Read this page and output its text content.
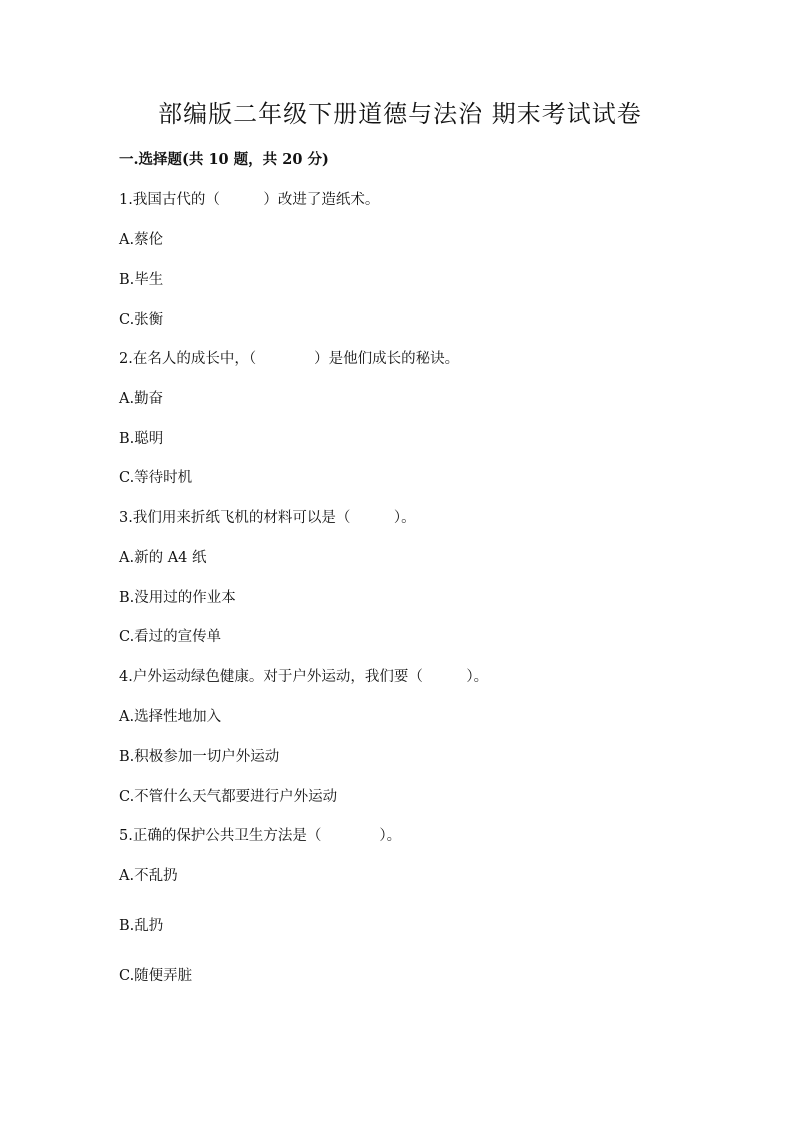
部编版二年级下册道德与法治 期末考试试卷
一.选择题(共 10 题，共 20 分)
1.我国古代的（　　　）改进了造纸术。
A.蔡伦
B.毕生
C.张衡
2.在名人的成长中，（　　　　）是他们成长的秘诀。
A.勤奋
B.聪明
C.等待时机
3.我们用来折纸飞机的材料可以是（　　　）。
A.新的 A4 纸
B.没用过的作业本
C.看过的宣传单
4.户外运动绿色健康。对于户外运动，我们要（　　　）。
A.选择性地加入
B.积极参加一切户外运动
C.不管什么天气都要进行户外运动
5.正确的保护公共卫生方法是（　　　　）。
A.不乱扔
B.乱扔
C.随便弄脏
